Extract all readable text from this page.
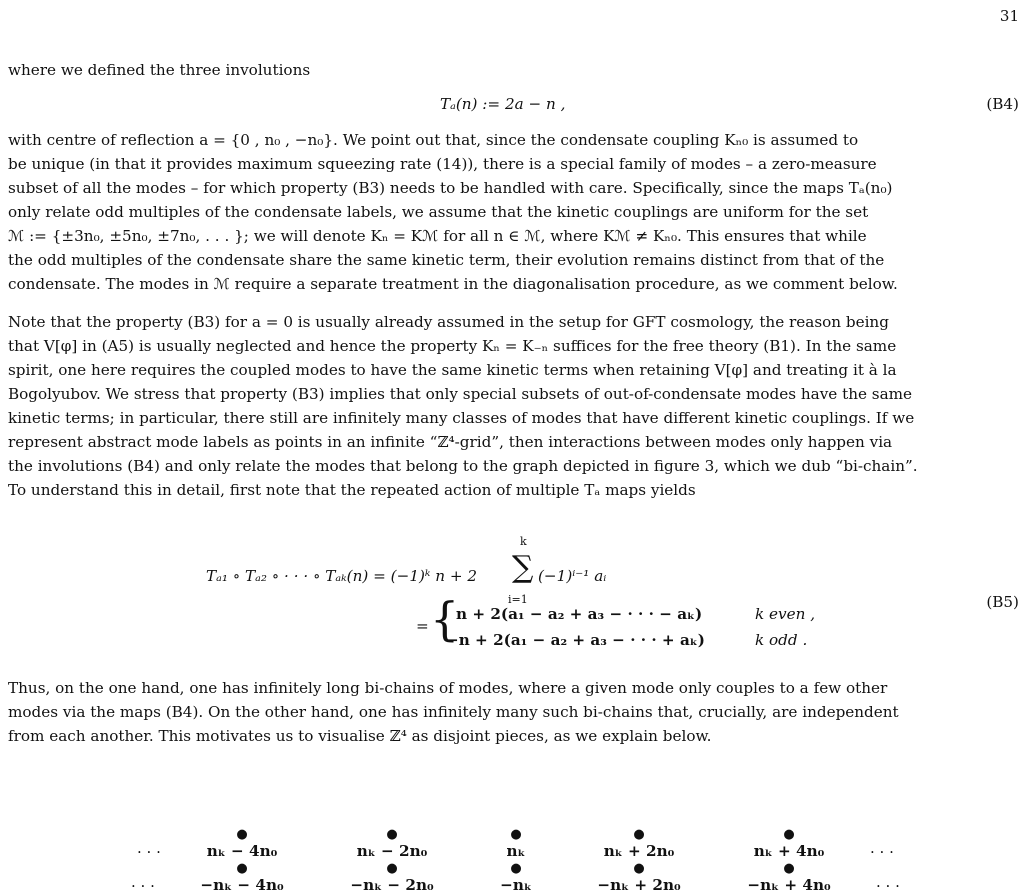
31
where we defined the three involutions
Tₐ(n) := 2a − n ,	(B4)
with centre of reflection a = {0 , n₀ , −n₀}. We point out that, since the condensate coupling Kₙ₀ is assumed to
be unique (in that it provides maximum squeezing rate (14)), there is a special family of modes – a zero-measure
subset of all the modes – for which property (B3) needs to be handled with care. Specifically, since the maps Tₐ(n₀)
only relate odd multiples of the condensate labels, we assume that the kinetic couplings are uniform for the set
ℳ := {±3n₀, ±5n₀, ±7n₀, . . . }; we will denote Kₙ = Kℳ for all n ∈ ℳ, where Kℳ ≠ Kₙ₀. This ensures that while
the odd multiples of the condensate share the same kinetic term, their evolution remains distinct from that of the
condensate. The modes in ℳ require a separate treatment in the diagonalisation procedure, as we comment below.
Note that the property (B3) for a = 0 is usually already assumed in the setup for GFT cosmology, the reason being
that V[φ] in (A5) is usually neglected and hence the property Kₙ = K₋ₙ suffices for the free theory (B1). In the same
spirit, one here requires the coupled modes to have the same kinetic terms when retaining V[φ] and treating it à la
Bogolyubov. We stress that property (B3) implies that only special subsets of out-of-condensate modes have the same
kinetic terms; in particular, there still are infinitely many classes of modes that have different kinetic couplings. If we
represent abstract mode labels as points in an infinite “ℤ⁴-grid”, then interactions between modes only happen via
the involutions (B4) and only relate the modes that belong to the graph depicted in figure 3, which we dub “bi-chain”.
To understand this in detail, first note that the repeated action of multiple Tₐ maps yields
Tₐ₁ ∘ Tₐ₂ ∘ · · · ∘ Tₐₖ(n) = (−1)ᵏ n + 2
k
∑
i=1
(−1)ⁱ⁻¹ aᵢ
= {
n + 2(a₁ − a₂ + a₃ − · · · − aₖ)	k even ,
−n + 2(a₁ − a₂ + a₃ − · · · + aₖ)	k odd .
(B5)
Thus, on the one hand, one has infinitely long bi-chains of modes, where a given mode only couples to a few other
modes via the maps (B4). On the other hand, one has infinitely many such bi-chains that, crucially, are independent
from each another. This motivates us to visualise ℤ⁴ as disjoint pieces, as we explain below.
. . .	. . .
. . .	. . .
●
nₖ − 4n₀
●
nₖ − 2n₀
●
nₖ
●
nₖ + 2n₀
●
nₖ + 4n₀
●
−nₖ − 4n₀
●
−nₖ − 2n₀
●
−nₖ
●
−nₖ + 2n₀
●
−nₖ + 4n₀
